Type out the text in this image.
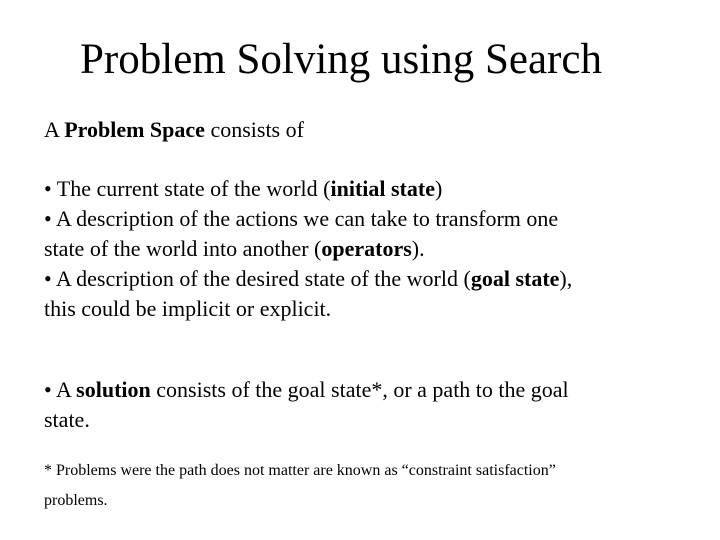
Problem Solving using Search
A Problem Space consists of
• The current state of the world (initial state)
• A description of the actions we can take to transform one
state of the world into another (operators).
• A description of the desired state of the world (goal state),
this could be implicit or explicit.
• A solution consists of the goal state*, or a path to the goal
state.
* Problems were the path does not matter are known as “constraint satisfaction”
problems.
